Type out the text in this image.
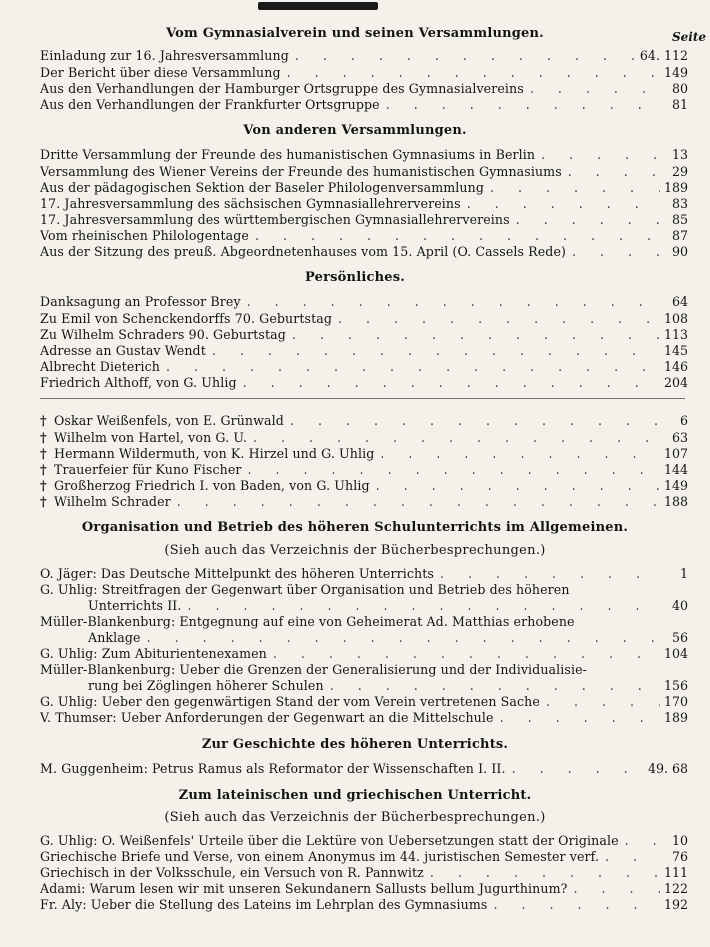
Seite
Vom Gymnasialverein und seinen Versammlungen.
Einladung zur 16. Jahresversammlung . . .	64. 112
Der Bericht über diese Versammlung . . .	149
Aus den Verhandlungen der Hamburger Ortsgruppe des Gymnasialvereins . . .	80
Aus den Verhandlungen der Frankfurter Ortsgruppe . . .	81
Von anderen Versammlungen.
Dritte Versammlung der Freunde des humanistischen Gymnasiums in Berlin . . .	13
Versammlung des Wiener Vereins der Freunde des humanistischen Gymnasiums . . .	29
Aus der pädagogischen Sektion der Baseler Philologenversammlung . . .	189
17. Jahresversammlung des sächsischen Gymnasiallehrervereins . . .	83
17. Jahresversammlung des württembergischen Gymnasiallehrervereins . . .	85
Vom rheinischen Philologentage . . .	87
Aus der Sitzung des preuß. Abgeordnetenhauses vom 15. April (O. Cassels Rede) . . .	90
Persönliches.
Danksagung an Professor Brey . . .	64
Zu Emil von Schenckendorffs 70. Geburtstag . . .	108
Zu Wilhelm Schraders 90. Geburtstag . . .	113
Adresse an Gustav Wendt . . .	145
Albrecht Dieterich . . .	146
Friedrich Althoff, von G. Uhlig . . .	204
† Oskar Weißenfels, von E. Grünwald . . .	6
† Wilhelm von Hartel, von G. U. . . .	63
† Hermann Wildermuth, von K. Hirzel und G. Uhlig . . .	107
† Trauerfeier für Kuno Fischer . . .	144
† Großherzog Friedrich I. von Baden, von G. Uhlig . . .	149
† Wilhelm Schrader . . .	188
Organisation und Betrieb des höheren Schulunterrichts im Allgemeinen.
(Sieh auch das Verzeichnis der Bücherbesprechungen.)
O. Jäger: Das Deutsche Mittelpunkt des höheren Unterrichts . . .	1
G. Uhlig: Streitfragen der Gegenwart über Organisation und Betrieb des höheren
Unterrichts II. . . .	40
Müller-Blankenburg: Entgegnung auf eine von Geheimerat Ad. Matthias erhobene
Anklage . . .	56
G. Uhlig: Zum Abiturientenexamen . . .	104
Müller-Blankenburg: Ueber die Grenzen der Generalisierung und der Individualisie-
rung bei Zöglingen höherer Schulen . . .	156
G. Uhlig: Ueber den gegenwärtigen Stand der vom Verein vertretenen Sache . . .	170
V. Thumser: Ueber Anforderungen der Gegenwart an die Mittelschule . . .	189
Zur Geschichte des höheren Unterrichts.
M. Guggenheim: Petrus Ramus als Reformator der Wissenschaften I. II. . . .	49. 68
Zum lateinischen und griechischen Unterricht.
(Sieh auch das Verzeichnis der Bücherbesprechungen.)
G. Uhlig: O. Weißenfels' Urteile über die Lektüre von Uebersetzungen statt der Originale . . .	10
Griechische Briefe und Verse, von einem Anonymus im 44. juristischen Semester verf. . . .	76
Griechisch in der Volksschule, ein Versuch von R. Pannwitz . . .	111
Adami: Warum lesen wir mit unseren Sekundanern Sallusts bellum Jugurthinum? . . .	122
Fr. Aly: Ueber die Stellung des Lateins im Lehrplan des Gymnasiums . . .	192
